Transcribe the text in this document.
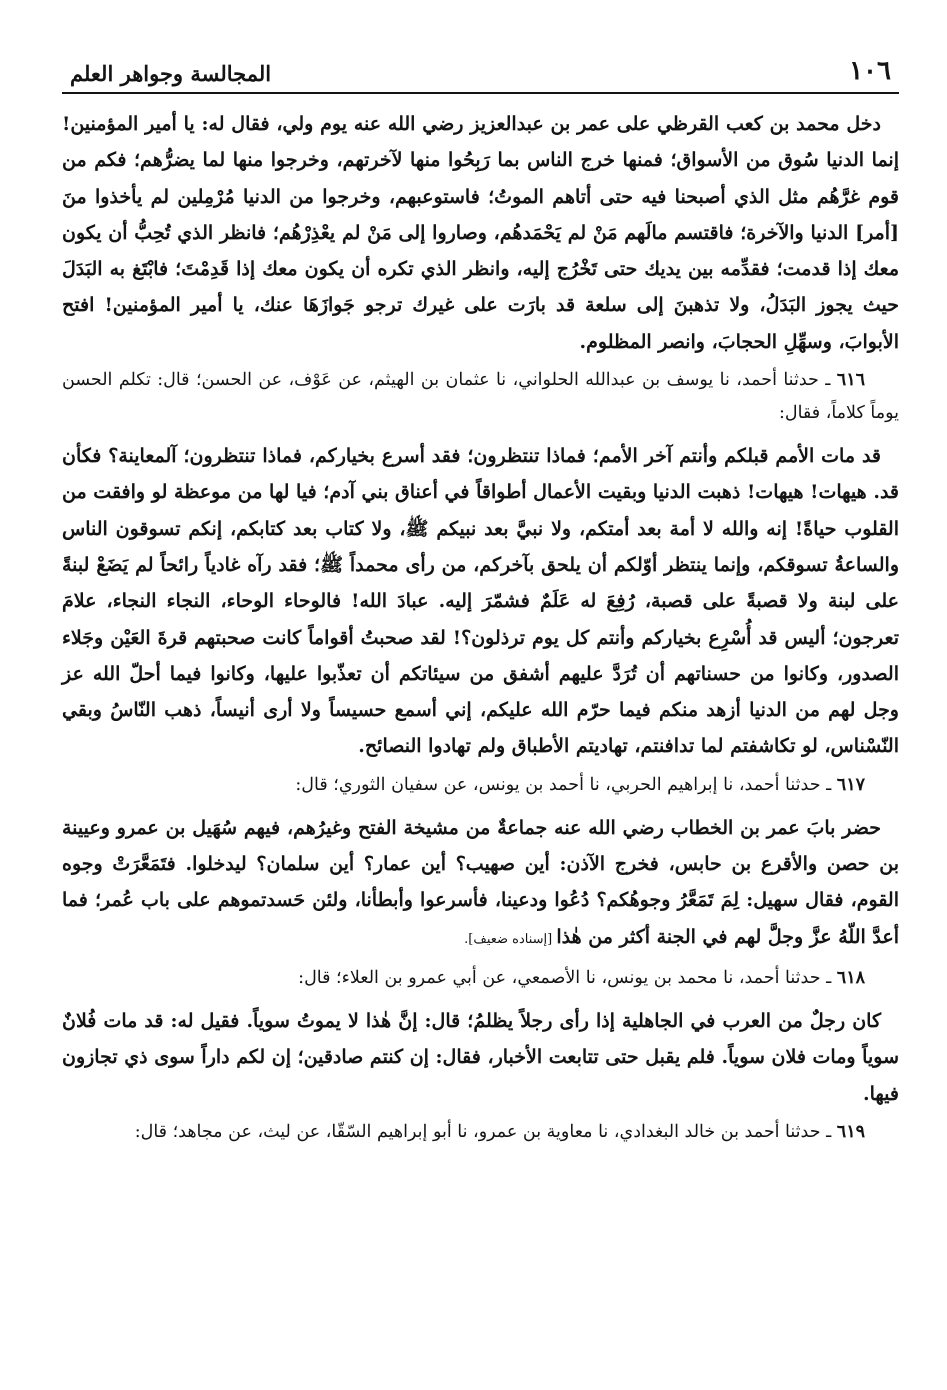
١٠٦
المجالسة وجواهر العلم

دخل محمد بن كعب القرظي على عمر بن عبدالعزيز رضي الله عنه يوم ولي، فقال له: يا أمير المؤمنين! إنما الدنيا سُوق من الأسواق؛ فمنها خرج الناس بما رَبِحُوا منها لآخرتهم، وخرجوا منها لما يضرُّهم؛ فكم من قوم غرَّهُم مثل الذي أصبحنا فيه حتى أتاهم الموتُ؛ فاستوعبهم، وخرجوا من الدنيا مُرْمِلين لم يأخذوا منَ [أمر] الدنيا والآخرة؛ فاقتسم مالَهم مَنْ لم يَحْمَدهُم، وصاروا إلى مَنْ لم يعْذِرْهُم؛ فانظر الذي تُحِبُّ أن يكون معك إذا قدمت؛ فقدِّمه بين يديك حتى تَخْرُج إليه، وانظر الذي تكره أن يكون معك إذا قَدِمْتَ؛ فابْتَغ به البَدَلَ حيث يجوز البَدَلُ، ولا تذهبنَ إلى سلعة قد بارَت على غيرك ترجو جَوازَهَا عنك، يا أمير المؤمنين! افتح الأبوابَ، وسهِّلِ الحجابَ، وانصر المظلوم.

٦١٦ ـ حدثنا أحمد، نا يوسف بن عبدالله الحلواني، نا عثمان بن الهيثم، عن عَوْف، عن الحسن؛ قال: تكلم الحسن يوماً كلاماً، فقال:

قد مات الأمم قبلكم وأنتم آخر الأمم؛ فماذا تنتظرون؛ فقد أسرع بخياركم، فماذا تنتظرون؛ آلمعاينة؟ فكأن قد. هيهات! هيهات! ذهبت الدنيا وبقيت الأعمال أطواقاً في أعناق بني آدم؛ فيا لها من موعظة لو وافقت من القلوب حياةً! إنه والله لا أمة بعد أمتكم، ولا نبيَّ بعد نبيكم ﷺ، ولا كتاب بعد كتابكم، إنكم تسوقون الناس والساعةُ تسوقكم، وإنما ينتظر أوّلكم أن يلحق بآخركم، من رأى محمداً ﷺ؛ فقد رآه غادياً رائحاً لم يَضَعْ لبنةً على لبنة ولا قصبةً على قصبة، رُفِعَ له عَلَمٌ فشمّرَ إليه. عبادَ الله! فالوحاء الوحاء، النجاء النجاء، علامَ تعرجون؛ أليس قد أُسْرِع بخياركم وأنتم كل يوم ترذلون؟! لقد صحبتُ أقواماً كانت صحبتهم قرةَ العَيْن وجَلاء الصدور، وكانوا من حسناتهم أن تُرَدَّ عليهم أشفق من سيئاتكم أن تعذّبوا عليها، وكانوا فيما أحلّ الله عز وجل لهم من الدنيا أزهد منكم فيما حرّم الله عليكم، إني أسمع حسيساً ولا أرى أنيساً، ذهب النّاسُ وبقي النّسْناس، لو تكاشفتم لما تدافنتم، تهاديتم الأطباق ولم تهادوا النصائح.

٦١٧ ـ حدثنا أحمد، نا إبراهيم الحربي، نا أحمد بن يونس، عن سفيان الثوري؛ قال:

حضر بابَ عمر بن الخطاب رضي الله عنه جماعةٌ من مشيخة الفتح وغيرُهم، فيهم سُهَيل بن عمرو وعيينة بن حصن والأقرع بن حابس، فخرج الآذن: أين صهيب؟ أين عمار؟ أين سلمان؟ ليدخلوا. فتَمَعَّرَتْ وجوه القوم، فقال سهيل: لِمَ تَمَعَّرُ وجوهُكم؟ دُعُوا ودعينا، فأسرعوا وأبطأنا، ولئن حَسدتموهم على باب عُمر؛ فما أعدَّ اللّهُ عزَّ وجلَّ لهم في الجنة أكثر من هٰذا [إسناده ضعيف].

٦١٨ ـ حدثنا أحمد، نا محمد بن يونس، نا الأصمعي، عن أبي عمرو بن العلاء؛ قال:

كان رجلٌ من العرب في الجاهلية إذا رأى رجلاً يظلمُ؛ قال: إنَّ هٰذا لا يموتُ سوياً. فقيل له: قد مات فُلانٌ سوياً ومات فلان سوياً. فلم يقبل حتى تتابعت الأخبار، فقال: إن كنتم صادقين؛ إن لكم داراً سوى ذي تجازون فيها.

٦١٩ ـ حدثنا أحمد بن خالد البغدادي، نا معاوية بن عمرو، نا أبو إبراهيم السّقّا، عن ليث، عن مجاهد؛ قال:
